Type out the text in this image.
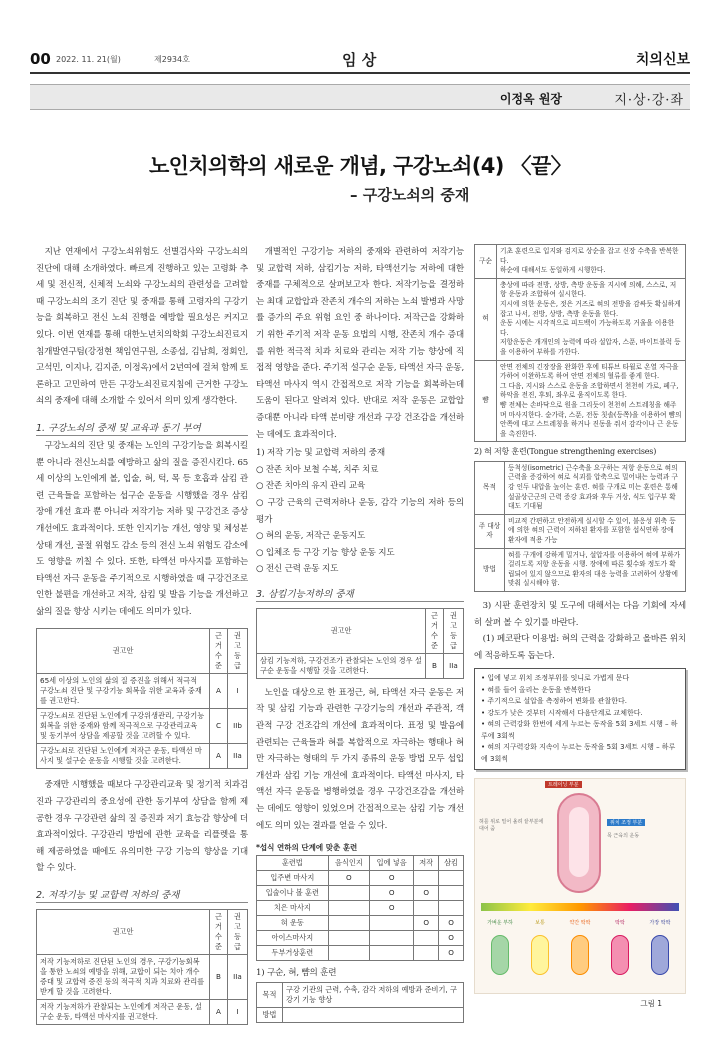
00 2022. 11. 21(월)	제2934호	임 상	치의신보
이정옥 원장	지·상·강·좌
노인치의학의 새로운 개념, 구강노쇠(4) 〈끝〉
– 구강노쇠의 중재

지난 연재에서 구강노쇠위험도 선별검사와 구강노쇠의 진단에 대해 소개하였다. 빠르게 진행하고 있는 고령화 추세 및 전신적, 신체적 노쇠와 구강노쇠의 관련성을 고려할 때 구강노쇠의 조기 진단 및 중재를 통해 고령자의 구강기능을 회복하고 전신 노쇠 진행을 예방할 필요성은 커지고 있다. 이번 연재를 통해 대한노년치의학회 구강노쇠진료지침개발연구팀(강정현 책임연구원, 소종섭, 김남희, 정회인, 고석민, 이지나, 김지준, 이정옥)에서 2년여에 걸쳐 함께 토론하고 고민하여 만든 구강노쇠진료지침에 근거한 구강노쇠의 중재에 대해 소개할 수 있어서 의미 있게 생각한다.

1. 구강노쇠의 중재 및 교육과 동기 부여

구강노쇠의 진단 및 중재는 노인의 구강기능을 회복시킬 뿐 아니라 전신노쇠를 예방하고 삶의 질을 증진시킨다. 65세 이상의 노인에게 볼, 입술, 혀, 턱, 목 등 호흡과 삼킴 관련 근육들을 포함하는 섭구순 운동을 시행했을 경우 삼킴장애 개선 효과 뿐 아니라 저작기능 저하 및 구강건조 증상 개선에도 효과적이다. 또한 인지기능 개선, 영양 및 체성분 상태 개선, 골절 위험도 감소 등의 전신 노쇠 위험도 감소에도 영향을 끼칠 수 있다. 또한, 타액선 마사지를 포함하는 타액선 자극 운동을 주기적으로 시행하였을 때 구강건조로 인한 불편을 개선하고 저작, 삼킴 및 발음 기능을 개선하고 삶의 질을 향상 시키는 데에도 의미가 있다.

권고안	근거 수준	권고 등급
65세 이상의 노인의 삶의 질 증진을 위해서 적극적 구강노쇠 진단 및 구강기능 회복을 위한 교육과 중재를 권고한다.	A	I
구강노쇠로 진단된 노인에게 구강위생관리, 구강기능 회복을 위한 중재와 함께 적극적으로 구강관리교육 및 동기부여 상담을 제공할 것을 고려할 수 있다.	C	IIb
구강노쇠로 진단된 노인에게 저작근 운동, 타액선 마사지 및 설구순 운동을 시행할 것을 고려한다.	A	IIa

중재만 시행했을 때보다 구강관리교육 및 정기적 치과검진과 구강관리의 중요성에 관한 동기부여 상담을 함께 제공한 경우 구강관련 삶의 질 증진과 저기 효능감 향상에 더 효과적이었다. 구강관리 방법에 관한 교육을 리플렛을 통해 제공하였을 때에도 유의미한 구강 기능의 향상을 기대할 수 있다.

2. 저작기능 및 교합력 저하의 중재
권고안	근거 수준	권고 등급
저작 기능저하로 진단된 노인의 경우, 구강기능회복을 통한 노쇠의 예방을 위해, 교합이 되는 치아 개수 증대 및 교합력 증진 등의 적극적 치과 치료와 관리를 받게 할 것을 고려한다.	B	IIa
저작 기능저하가 관찰되는 노인에게 저작근 운동, 설구순 운동, 타액선 마사지를 권고한다.	A	I

개별적인 구강기능 저하의 중재와 관련하여 저작기능 및 교합력 저하, 삼킴기능 저하, 타액선기능 저하에 대한 중재를 구체적으로 살펴보고자 한다. 저작기능을 결정하는 최대 교합압과 잔존치 개수의 저하는 노쇠 발병과 사망률 증가의 주요 위험 요인 중 하나이다. 저작근을 강화하기 위한 주기적 저작 운동 요법의 시행, 잔존치 개수 증대를 위한 적극적 치과 치료와 관리는 저작 기능 향상에 직접적 영향을 준다. 주기적 설구순 운동, 타액선 자극 운동, 타액선 마사지 역시 간접적으로 저작 기능을 회복하는데 도움이 된다고 알려져 있다. 반대로 저작 운동은 교합압 증대뿐 아니라 타액 분비량 개선과 구강 건조감을 개선하는 데에도 효과적이다.

1) 저작 기능 및 교합력 저하의 중재
○ 잔존 치아 보철 수복, 치주 치료
○ 잔존 치아의 유지 관리 교육
○ 구강 근육의 근력저하나 운동, 감각 기능의 저하 등의 평가
○ 혀의 운동, 저작근 운동지도
○ 입체조 등 구강 기능 향상 운동 지도
○ 전신 근력 운동 지도
3. 삼킴기능저하의 중재
권고안	근거 수준	권고 등급
삼킴 기능저하, 구강건조가 관찰되는 노인의 경우 설구순 운동을 시행할 것을 고려한다.	B	IIa

노인을 대상으로 한 표정근, 혀, 타액선 자극 운동은 저작 및 삼킴 기능과 관련한 구강기능의 개선과 주관적, 객관적 구강 건조감의 개선에 효과적이다. 표정 및 발음에 관련되는 근육들과 혀를 복합적으로 자극하는 행태나 혀만 자극하는 형태의 두 가지 종류의 운동 방법 모두 섭입 개선과 삼킴 기능 개선에 효과적이다. 타액선 마사지, 타액선 자극 운동을 병행하였을 경우 구강건조감을 개선하는 데에도 영향이 있었으며 간접적으로는 삼킴 기능 개선에도 의미 있는 결과를 얻을 수 있다.

*섭식 연하의 단계에 맞춘 훈련
훈련법	음식인지	입에 넣음	저작	삼킴
입주변 마사지	O	O		
입술이나 볼 훈련		O	O	
치은 마사지		O		
혀 운동			O	O
아이스마사지				O
두부거상훈련				O
1) 구순, 혀, 뺨의 훈련
목적	구강 기관의 근력, 수축, 감각 저하의 예방과 준비기, 구강기 기능 향상
방법	
구순	기초 훈련으로 입지와 검지로 상순을 잡고 신장 수축을 반복한다.
하순에 대해서도 동일하게 시행한다.
혀	충상에 따라 전방, 상방, 측방 운동을 지시에 의해, 스스로, 저항 운동과 조합하여 실시한다.
지시에 의한 운동은, 젓은 거즈로 혀의 전방을 감싸듯 확실하게 잡고 나서, 전방, 상방, 측방 운동을 한다.
운동 시에는 시각적으로 피드백이 가능하도록 거울을 이용한다.
저항운동은 개개인의 능력에 따라 설압자, 스푼, 바이트블럭 등을 이용하여 부하를 가한다.
뺨	안면 전체의 긴장장을 완화한 후에 티튜브 타월로 온열 자극을 가하여 이완하도록 하여 안면 전체의 혈류를 좋게 한다.
그 다음, 지시와 스스로 운동을 조합하면서 천천히 가로, 페구, 하악을 전진, 후퇴, 좌우로 움직이도록 한다.
뺨 전체는 손바닥으로 원을 그리듯이 천천히 스트레칭을 해주며 마사지한다. 숟가락, 스푼, 전동 칫솔(등쪽)을 이용하여 뺨의 안쪽에 대고 스트레칭을 하거나 진동을 줘서 감각이나 근 운동을 촉진한다.
2) 혀 저항 훈련(Tongue strengthening exercises)
목적	등척성(isometric) 근수축을 요구하는 저항 운동으로 혀의 근력을 증강하여 혀로 식괴를 압축으로 밀어내는 능력과 구강 인두 내압을 높이는 훈련. 혀를 구개로 미는 훈련은 통해 설골상근군의 근력 증강 효과와 후두 거상, 식도 입구부 확대도 기대됨
주 대상자	비교적 간편하고 안전하게 실시할 수 있어, 불응성 위축 등에 의한 혀의 근력이 저하된 환자를 포함한 섭식연하 장애 환자에 적용 가능
방법	혀를 구개에 강하게 밀거나, 설압자를 이용하여 혀에 부하가 걸리도록 저항 운동을 시행. 장애에 따른 횟수와 정도가 확립되어 있지 않으므로 환자의 대응 능력을 고려하여 상황에 맞춰 실시해야 함.

3) 시판 훈련장치 및 도구에 대해서는 다음 기회에 자세히 살펴 볼 수 있기를 바란다.

(1) 페코판다 이용법: 혀의 근력을 강화하고 올바른 위치에 적응하도록 돕는다.

• 입에 넣고 위치 조정부위를 잇니로 가볍게 문다
• 혀를 들어 올리는 운동을 반복한다
• 주기적으로 설압을 측정하여 변화를 관찰한다.
• 강도가 낮은 것부터 시작해서 다음단계로 교체한다.
• 혀의 근력강화 한번에 세게 누르는 동작을 5회 3세트 시행 – 하루에 3회씩
• 혀의 지구력강화 지속이 누르는 동작을 5회 3세트 시행 – 하루에 3회씩
트레이닝 부분
혀를 위로 밀어 올려 끝부분에 대어 줌
위치 조정 부분
목 근육의 운동
가벼운 부하	보통	약간 딱딱	딱딱	가장 딱딱
그림 1
